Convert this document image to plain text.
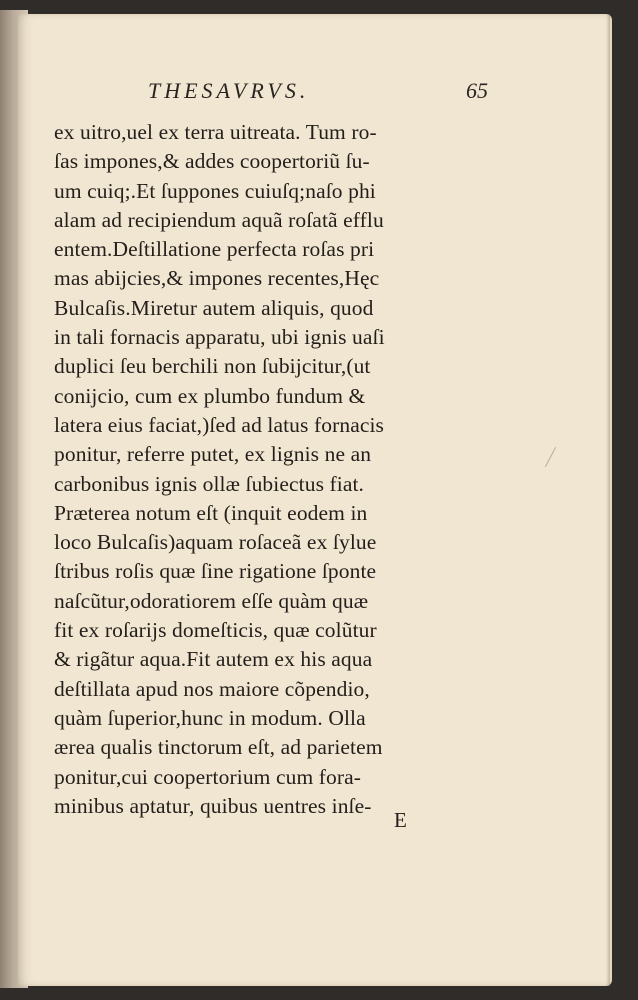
THESAVRVS.	65
ex uitro,uel ex terra uitreata. Tum ro-
ſas impones,& addes coopertoriũ ſu-
um cuiq;.Et ſuppones cuiuſq;naſo phi
alam ad recipiendum aquã roſatã efflu
entem.Deſtillatione perfecta roſas pri
mas abijcies,& impones recentes,Hęc
Bulcaſis.Miretur autem aliquis, quod
in tali fornacis apparatu, ubi ignis uaſi
duplici ſeu berchili non ſubijcitur,(ut
conijcio, cum ex plumbo fundum &
latera eius faciat,)ſed ad latus fornacis
ponitur, referre putet, ex lignis ne an
carbonibus ignis ollæ ſubiectus fiat.
Præterea notum eſt (inquit eodem in
loco Bulcaſis)aquam roſaceã ex ſylue
ſtribus roſis quæ ſine rigatione ſponte
naſcũtur,odoratiorem eſſe quàm quæ
fit ex roſarijs domeſticis, quæ colũtur
& rigãtur aqua.Fit autem ex his aqua
deſtillata apud nos maiore cõpendio,
quàm ſuperior,hunc in modum. Olla
ærea qualis tinctorum eſt, ad parietem
ponitur,cui coopertorium cum fora-
minibus aptatur, quibus uentres inſe-
E
